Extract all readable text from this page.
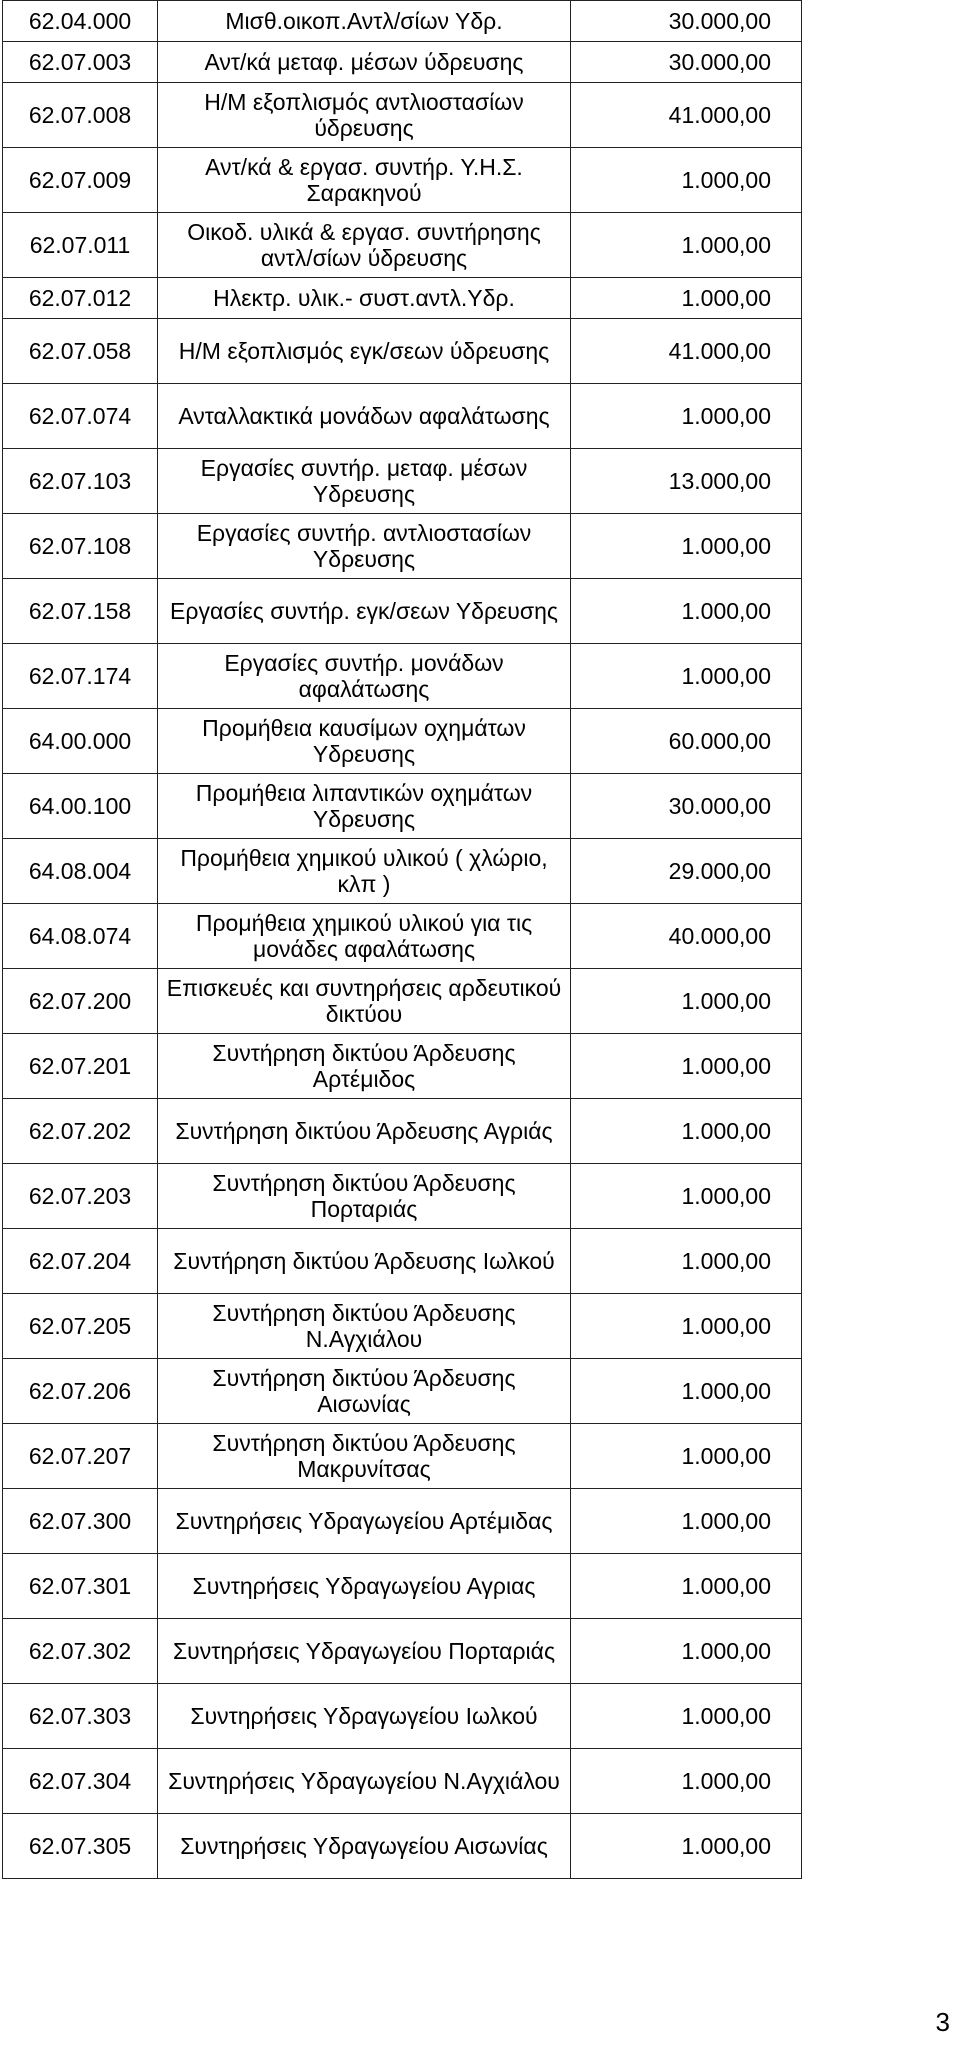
62.04.000	Μισθ.οικοπ.Αντλ/σίων Υδρ.	30.000,00
62.07.003	Αντ/κά μεταφ. μέσων ύδρευσης	30.000,00
62.07.008	Η/Μ εξοπλισμός αντλιοστασίων ύδρευσης	41.000,00
62.07.009	Αντ/κά & εργασ. συντήρ. Υ.Η.Σ. Σαρακηνού	1.000,00
62.07.011	Οικοδ. υλικά & εργασ. συντήρησης αντλ/σίων ύδρευσης	1.000,00
62.07.012	Ηλεκτρ. υλικ.- συστ.αντλ.Υδρ.	1.000,00
62.07.058	Η/Μ εξοπλισμός εγκ/σεων ύδρευσης	41.000,00
62.07.074	Ανταλλακτικά μονάδων αφαλάτωσης	1.000,00
62.07.103	Εργασίες συντήρ. μεταφ. μέσων Υδρευσης	13.000,00
62.07.108	Εργασίες συντήρ. αντλιοστασίων Υδρευσης	1.000,00
62.07.158	Εργασίες συντήρ. εγκ/σεων Υδρευσης	1.000,00
62.07.174	Εργασίες συντήρ. μονάδων αφαλάτωσης	1.000,00
64.00.000	Προμήθεια καυσίμων οχημάτων Υδρευσης	60.000,00
64.00.100	Προμήθεια λιπαντικών οχημάτων Υδρευσης	30.000,00
64.08.004	Προμήθεια χημικού υλικού ( χλώριο, κλπ )	29.000,00
64.08.074	Προμήθεια χημικού υλικού για τις μονάδες αφαλάτωσης	40.000,00
62.07.200	Επισκευές και συντηρήσεις αρδευτικού δικτύου	1.000,00
62.07.201	Συντήρηση δικτύου Άρδευσης Αρτέμιδος	1.000,00
62.07.202	Συντήρηση δικτύου Άρδευσης Αγριάς	1.000,00
62.07.203	Συντήρηση δικτύου Άρδευσης Πορταριάς	1.000,00
62.07.204	Συντήρηση δικτύου Άρδευσης Ιωλκού	1.000,00
62.07.205	Συντήρηση δικτύου Άρδευσης Ν.Αγχιάλου	1.000,00
62.07.206	Συντήρηση δικτύου Άρδευσης Αισωνίας	1.000,00
62.07.207	Συντήρηση δικτύου Άρδευσης Μακρυνίτσας	1.000,00
62.07.300	Συντηρήσεις Υδραγωγείου Αρτέμιδας	1.000,00
62.07.301	Συντηρήσεις Υδραγωγείου Αγριας	1.000,00
62.07.302	Συντηρήσεις Υδραγωγείου Πορταριάς	1.000,00
62.07.303	Συντηρήσεις Υδραγωγείου Ιωλκού	1.000,00
62.07.304	Συντηρήσεις Υδραγωγείου Ν.Αγχιάλου	1.000,00
62.07.305	Συντηρήσεις Υδραγωγείου Αισωνίας	1.000,00
3
